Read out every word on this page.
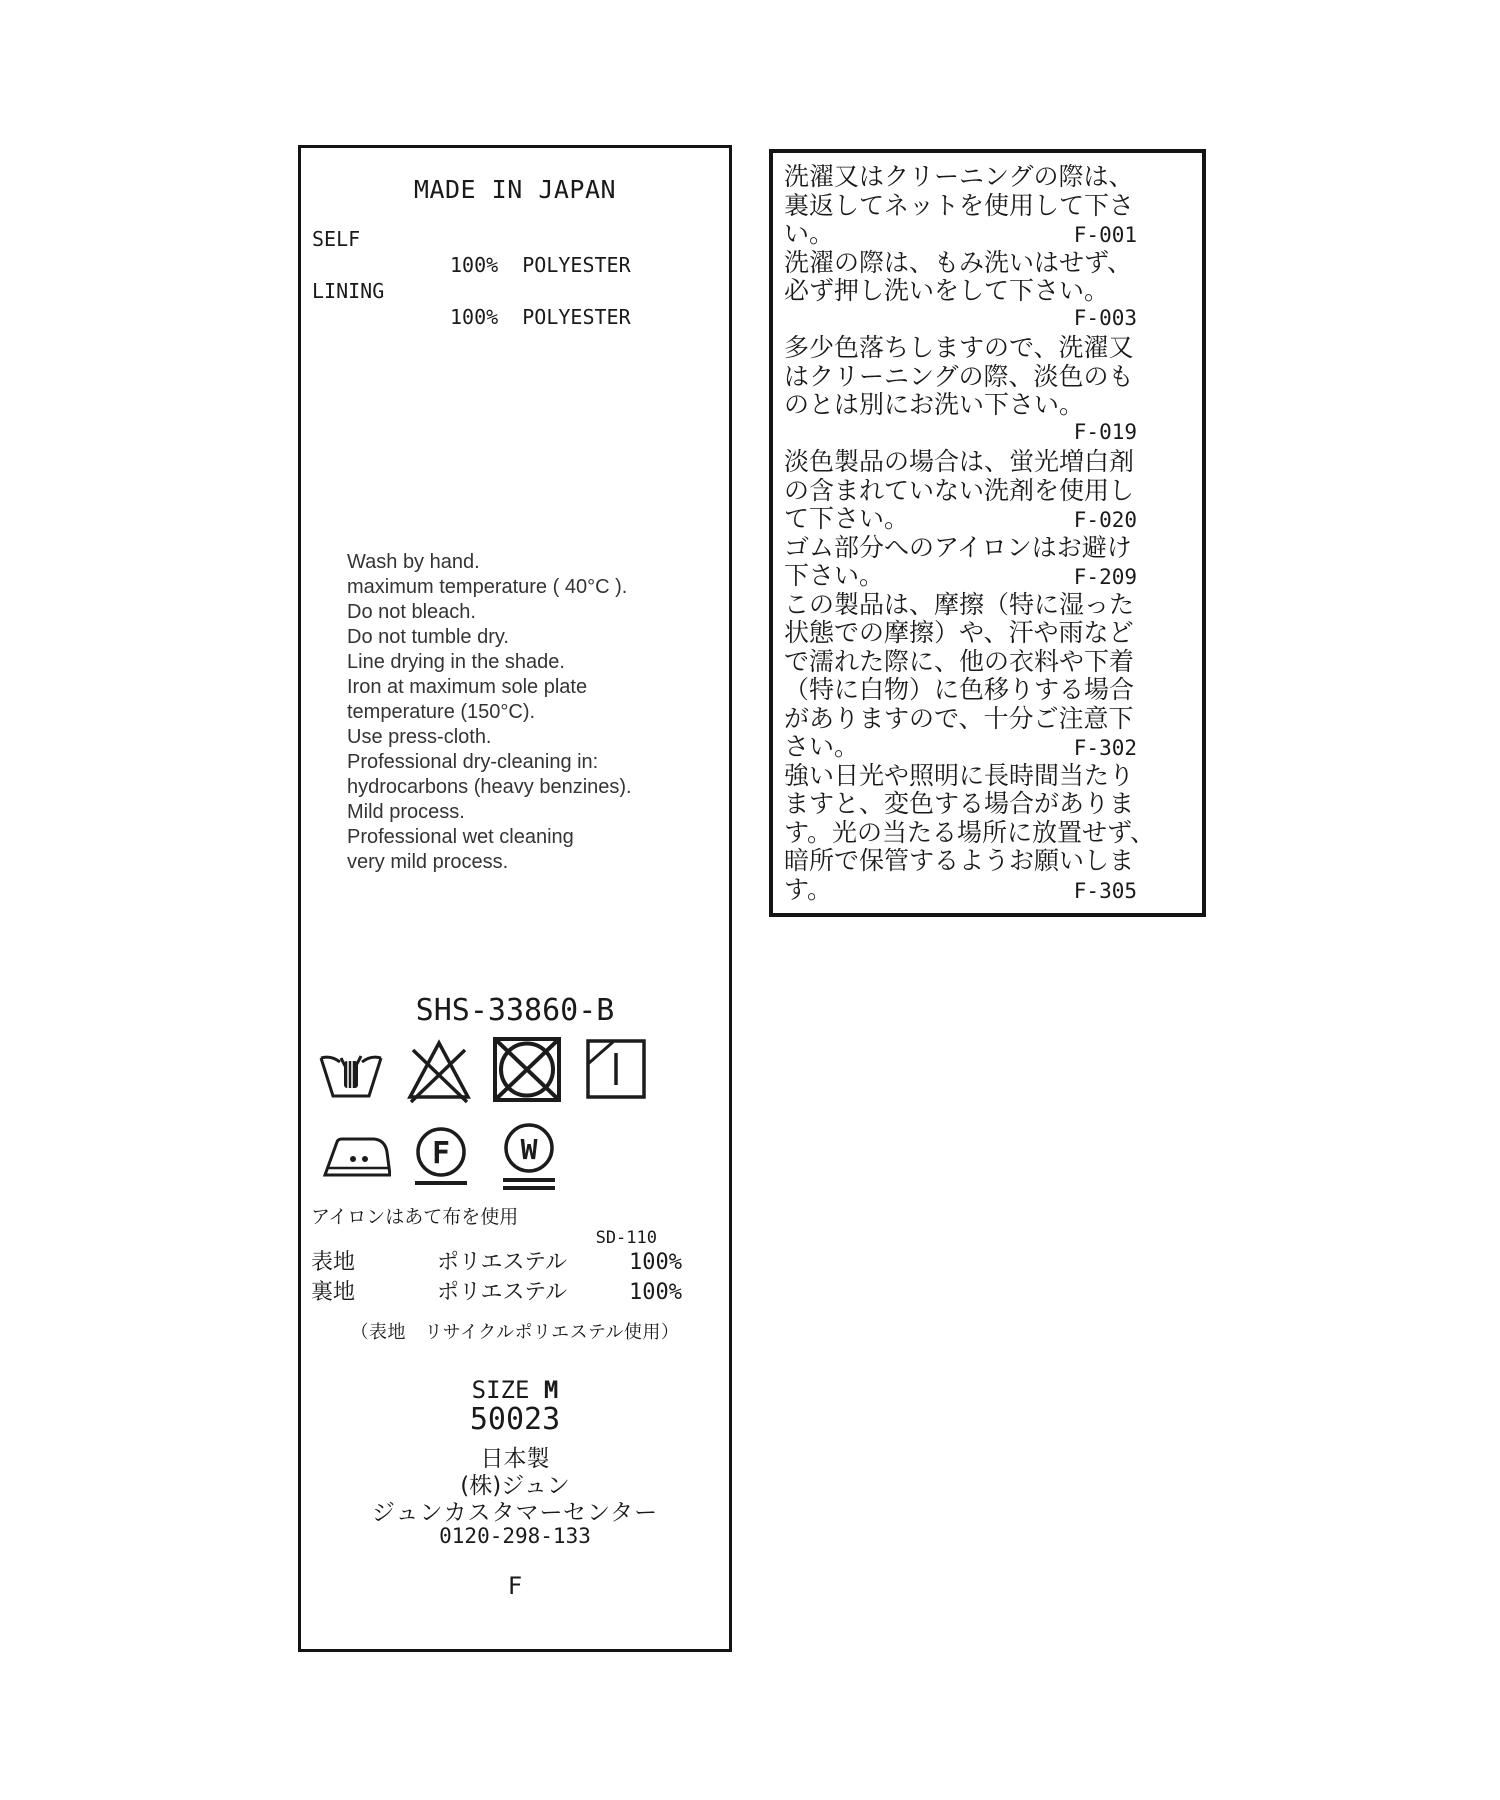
MADE IN JAPAN
SELF
100%  POLYESTER
LINING
100%  POLYESTER
Wash by hand.
maximum temperature ( 40°C ).
Do not bleach.
Do not tumble dry.
Line drying in the shade.
Iron at maximum sole plate
temperature (150°C).
Use press-cloth.
Professional dry-cleaning in:
hydrocarbons (heavy benzines).
Mild process.
Professional wet cleaning
very mild process.
SHS-33860-B
F	W
アイロンはあて布を使用
SD-110
表地	ポリエステル	100%
裏地	ポリエステル	100%
（表地　リサイクルポリエステル使用）
SIZE M
50023
日本製
(株)ジュン
ジュンカスタマーセンター
0120-298-133
F
洗濯又はクリーニングの際は、
裏返してネットを使用して下さ
い。	F-001
洗濯の際は、もみ洗いはせず、
必ず押し洗いをして下さい。
F-003
多少色落ちしますので、洗濯又
はクリーニングの際、淡色のも
のとは別にお洗い下さい。
F-019
淡色製品の場合は、蛍光増白剤
の含まれていない洗剤を使用し
て下さい。	F-020
ゴム部分へのアイロンはお避け
下さい。	F-209
この製品は、摩擦（特に湿った
状態での摩擦）や、汗や雨など
で濡れた際に、他の衣料や下着
（特に白物）に色移りする場合
がありますので、十分ご注意下
さい。	F-302
強い日光や照明に長時間当たり
ますと、変色する場合がありま
す。光の当たる場所に放置せず、
暗所で保管するようお願いしま
す。	F-305
